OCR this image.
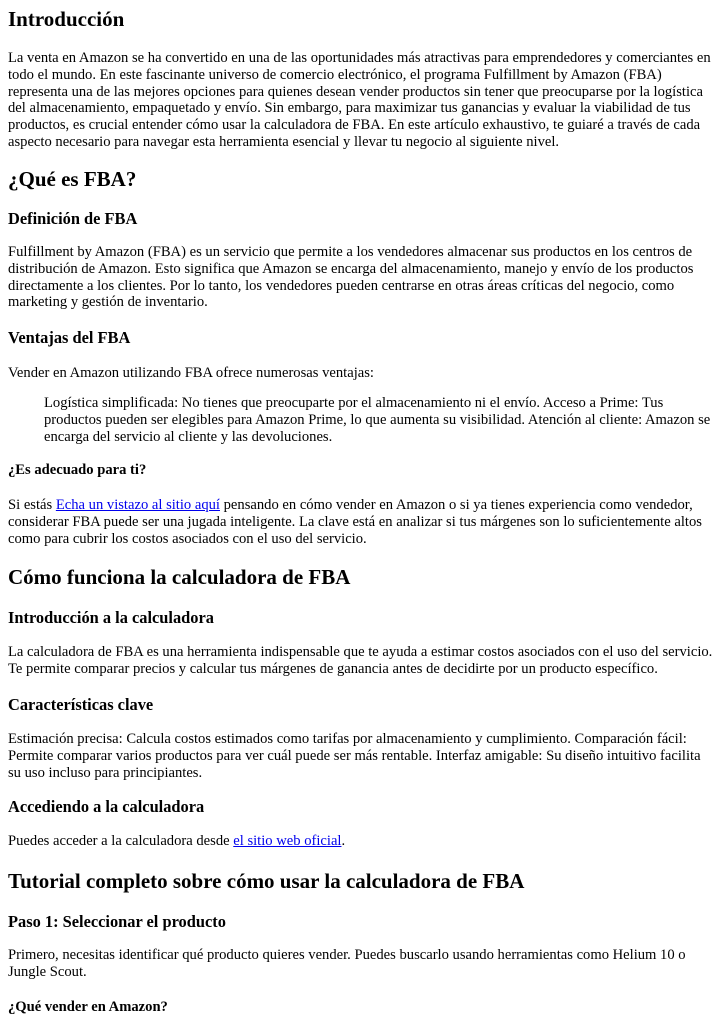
Introducción

La venta en Amazon se ha convertido en una de las oportunidades más atractivas para emprendedores y comerciantes en todo el mundo. En este fascinante universo de comercio electrónico, el programa Fulfillment by Amazon (FBA) representa una de las mejores opciones para quienes desean vender productos sin tener que preocuparse por la logística del almacenamiento, empaquetado y envío. Sin embargo, para maximizar tus ganancias y evaluar la viabilidad de tus productos, es crucial entender cómo usar la calculadora de FBA. En este artículo exhaustivo, te guiaré a través de cada aspecto necesario para navegar esta herramienta esencial y llevar tu negocio al siguiente nivel.

¿Qué es FBA?
Definición de FBA

Fulfillment by Amazon (FBA) es un servicio que permite a los vendedores almacenar sus productos en los centros de distribución de Amazon. Esto significa que Amazon se encarga del almacenamiento, manejo y envío de los productos directamente a los clientes. Por lo tanto, los vendedores pueden centrarse en otras áreas críticas del negocio, como marketing y gestión de inventario.

Ventajas del FBA

Vender en Amazon utilizando FBA ofrece numerosas ventajas:

Logística simplificada: No tienes que preocuparte por el almacenamiento ni el envío. Acceso a Prime: Tus productos pueden ser elegibles para Amazon Prime, lo que aumenta su visibilidad. Atención al cliente: Amazon se encarga del servicio al cliente y las devoluciones.

¿Es adecuado para ti?

Si estás Echa un vistazo al sitio aquí pensando en cómo vender en Amazon o si ya tienes experiencia como vendedor, considerar FBA puede ser una jugada inteligente. La clave está en analizar si tus márgenes son lo suficientemente altos como para cubrir los costos asociados con el uso del servicio.

Cómo funciona la calculadora de FBA
Introducción a la calculadora

La calculadora de FBA es una herramienta indispensable que te ayuda a estimar costos asociados con el uso del servicio. Te permite comparar precios y calcular tus márgenes de ganancia antes de decidirte por un producto específico.

Características clave

Estimación precisa: Calcula costos estimados como tarifas por almacenamiento y cumplimiento. Comparación fácil: Permite comparar varios productos para ver cuál puede ser más rentable. Interfaz amigable: Su diseño intuitivo facilita su uso incluso para principiantes.

Accediendo a la calculadora

Puedes acceder a la calculadora desde el sitio web oficial.

Tutorial completo sobre cómo usar la calculadora de FBA
Paso 1: Seleccionar el producto

Primero, necesitas identificar qué producto quieres vender. Puedes buscarlo usando herramientas como Helium 10 o Jungle Scout.

¿Qué vender en Amazon?
